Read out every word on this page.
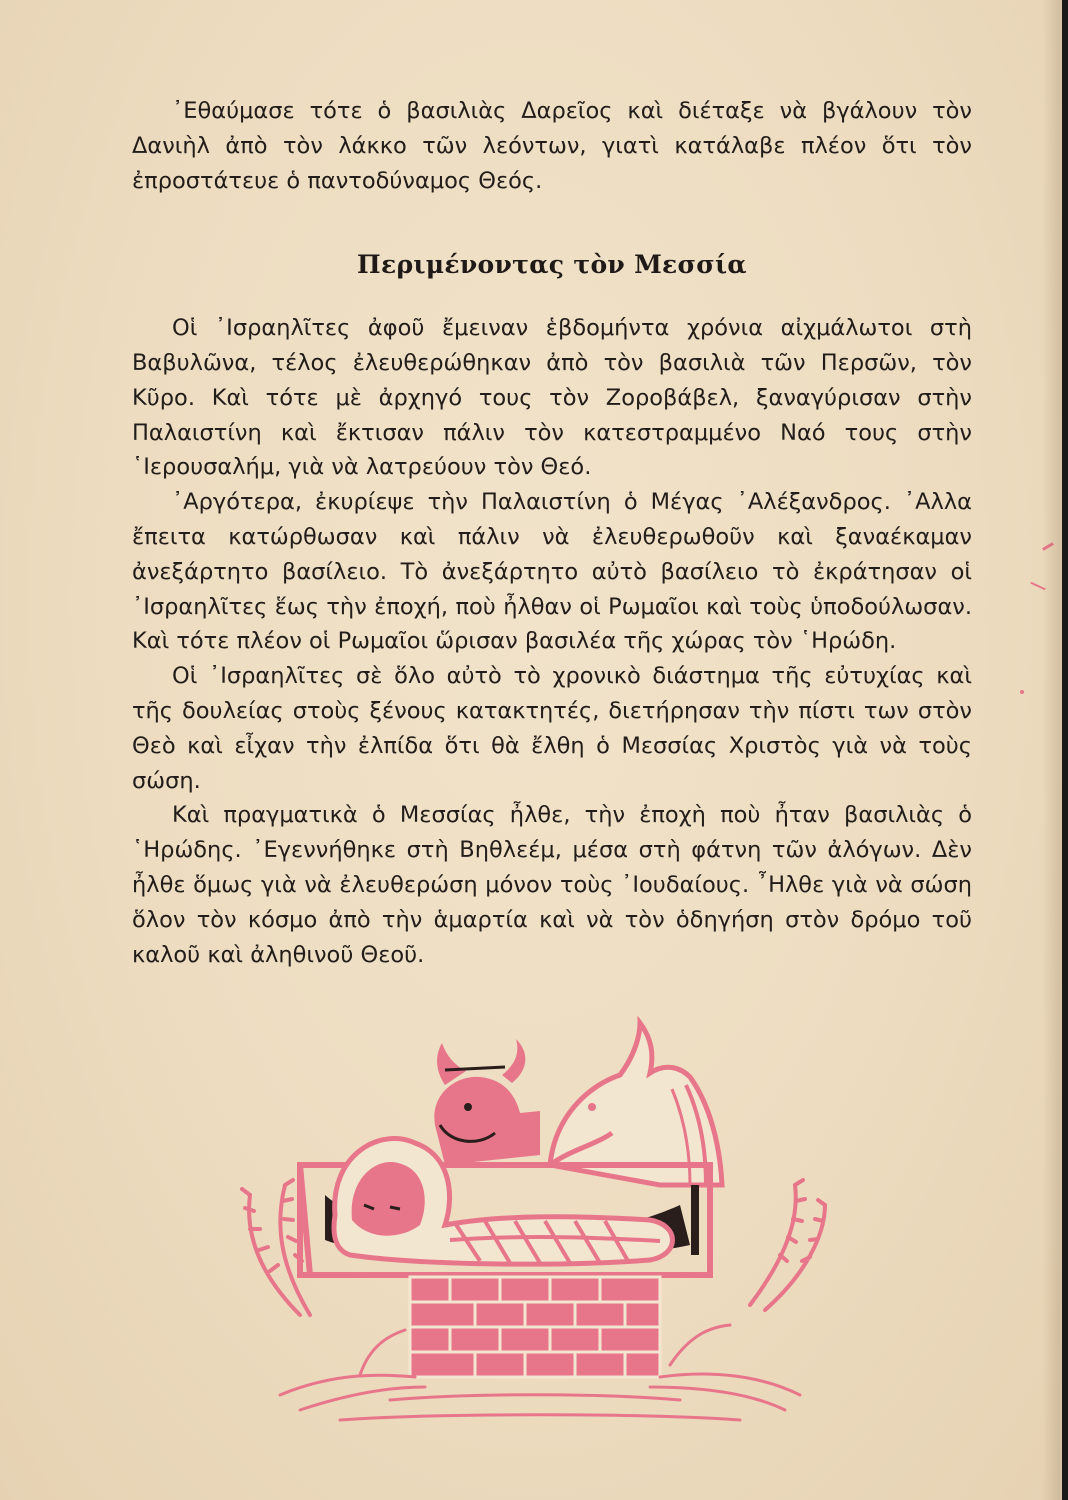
᾿Εθαύμασε τότε ὁ βασιλιὰς Δαρεῖος καὶ διέταξε νὰ βγάλουν τὸν Δανιὴλ ἀπὸ τὸν λάκκο τῶν λεόντων, γιατὶ κατάλαβε πλέον ὅτι τὸν ἐπροστάτευε ὁ παντοδύναμος Θεός.

Περιμένοντας τὸν Μεσσία

Οἱ ᾿Ισραηλῖτες ἀφοῦ ἔμειναν ἑβδομήντα χρόνια αἰχμάλωτοι στὴ Βαβυλῶνα, τέλος ἐλευθερώθηκαν ἀπὸ τὸν βασιλιὰ τῶν Περσῶν, τὸν Κῦρο. Καὶ τότε μὲ ἀρχηγό τους τὸν Ζοροβάβελ, ξαναγύρισαν στὴν Παλαιστίνη καὶ ἔκτισαν πάλιν τὸν κατεστραμμένο Ναό τους στὴν ῾Ιερουσαλήμ, γιὰ νὰ λατρεύουν τὸν Θεό.

᾿Αργότερα, ἐκυρίεψε τὴν Παλαιστίνη ὁ Μέγας ᾿Αλέξανδρος. ᾿Αλλα ἔπειτα κατώρθωσαν καὶ πάλιν νὰ ἐλευθερωθοῦν καὶ ξαναέκαμαν ἀνεξάρτητο βασίλειο. Τὸ ἀνεξάρτητο αὐτὸ βασίλειο τὸ ἐκράτησαν οἱ ᾿Ισραηλῖτες ἕως τὴν ἐποχή, ποὺ ἦλθαν οἱ Ρωμαῖοι καὶ τοὺς ὑποδούλωσαν. Καὶ τότε πλέον οἱ Ρωμαῖοι ὥρισαν βασιλέα τῆς χώρας τὸν ῾Ηρώδη.

Οἱ ᾿Ισραηλῖτες σὲ ὅλο αὐτὸ τὸ χρονικὸ διάστημα τῆς εὐτυχίας καὶ τῆς δουλείας στοὺς ξένους κατακτητές, διετήρησαν τὴν πίστι των στὸν Θεὸ καὶ εἶχαν τὴν ἐλπίδα ὅτι θὰ ἔλθη ὁ Μεσσίας Χριστὸς γιὰ νὰ τοὺς σώση.

Καὶ πραγματικὰ ὁ Μεσσίας ἦλθε, τὴν ἐποχὴ ποὺ ἦταν βασιλιὰς ὁ ῾Ηρώδης. ᾿Εγεννήθηκε στὴ Βηθλεέμ, μέσα στὴ φάτνη τῶν ἀλόγων. Δὲν ἦλθε ὅμως γιὰ νὰ ἐλευθερώση μόνον τοὺς ᾿Ιουδαίους. ῏Ηλθε γιὰ νὰ σώση ὅλον τὸν κόσμο ἀπὸ τὴν ἁμαρτία καὶ νὰ τὸν ὁδηγήση στὸν δρόμο τοῦ καλοῦ καὶ ἀληθινοῦ Θεοῦ.
